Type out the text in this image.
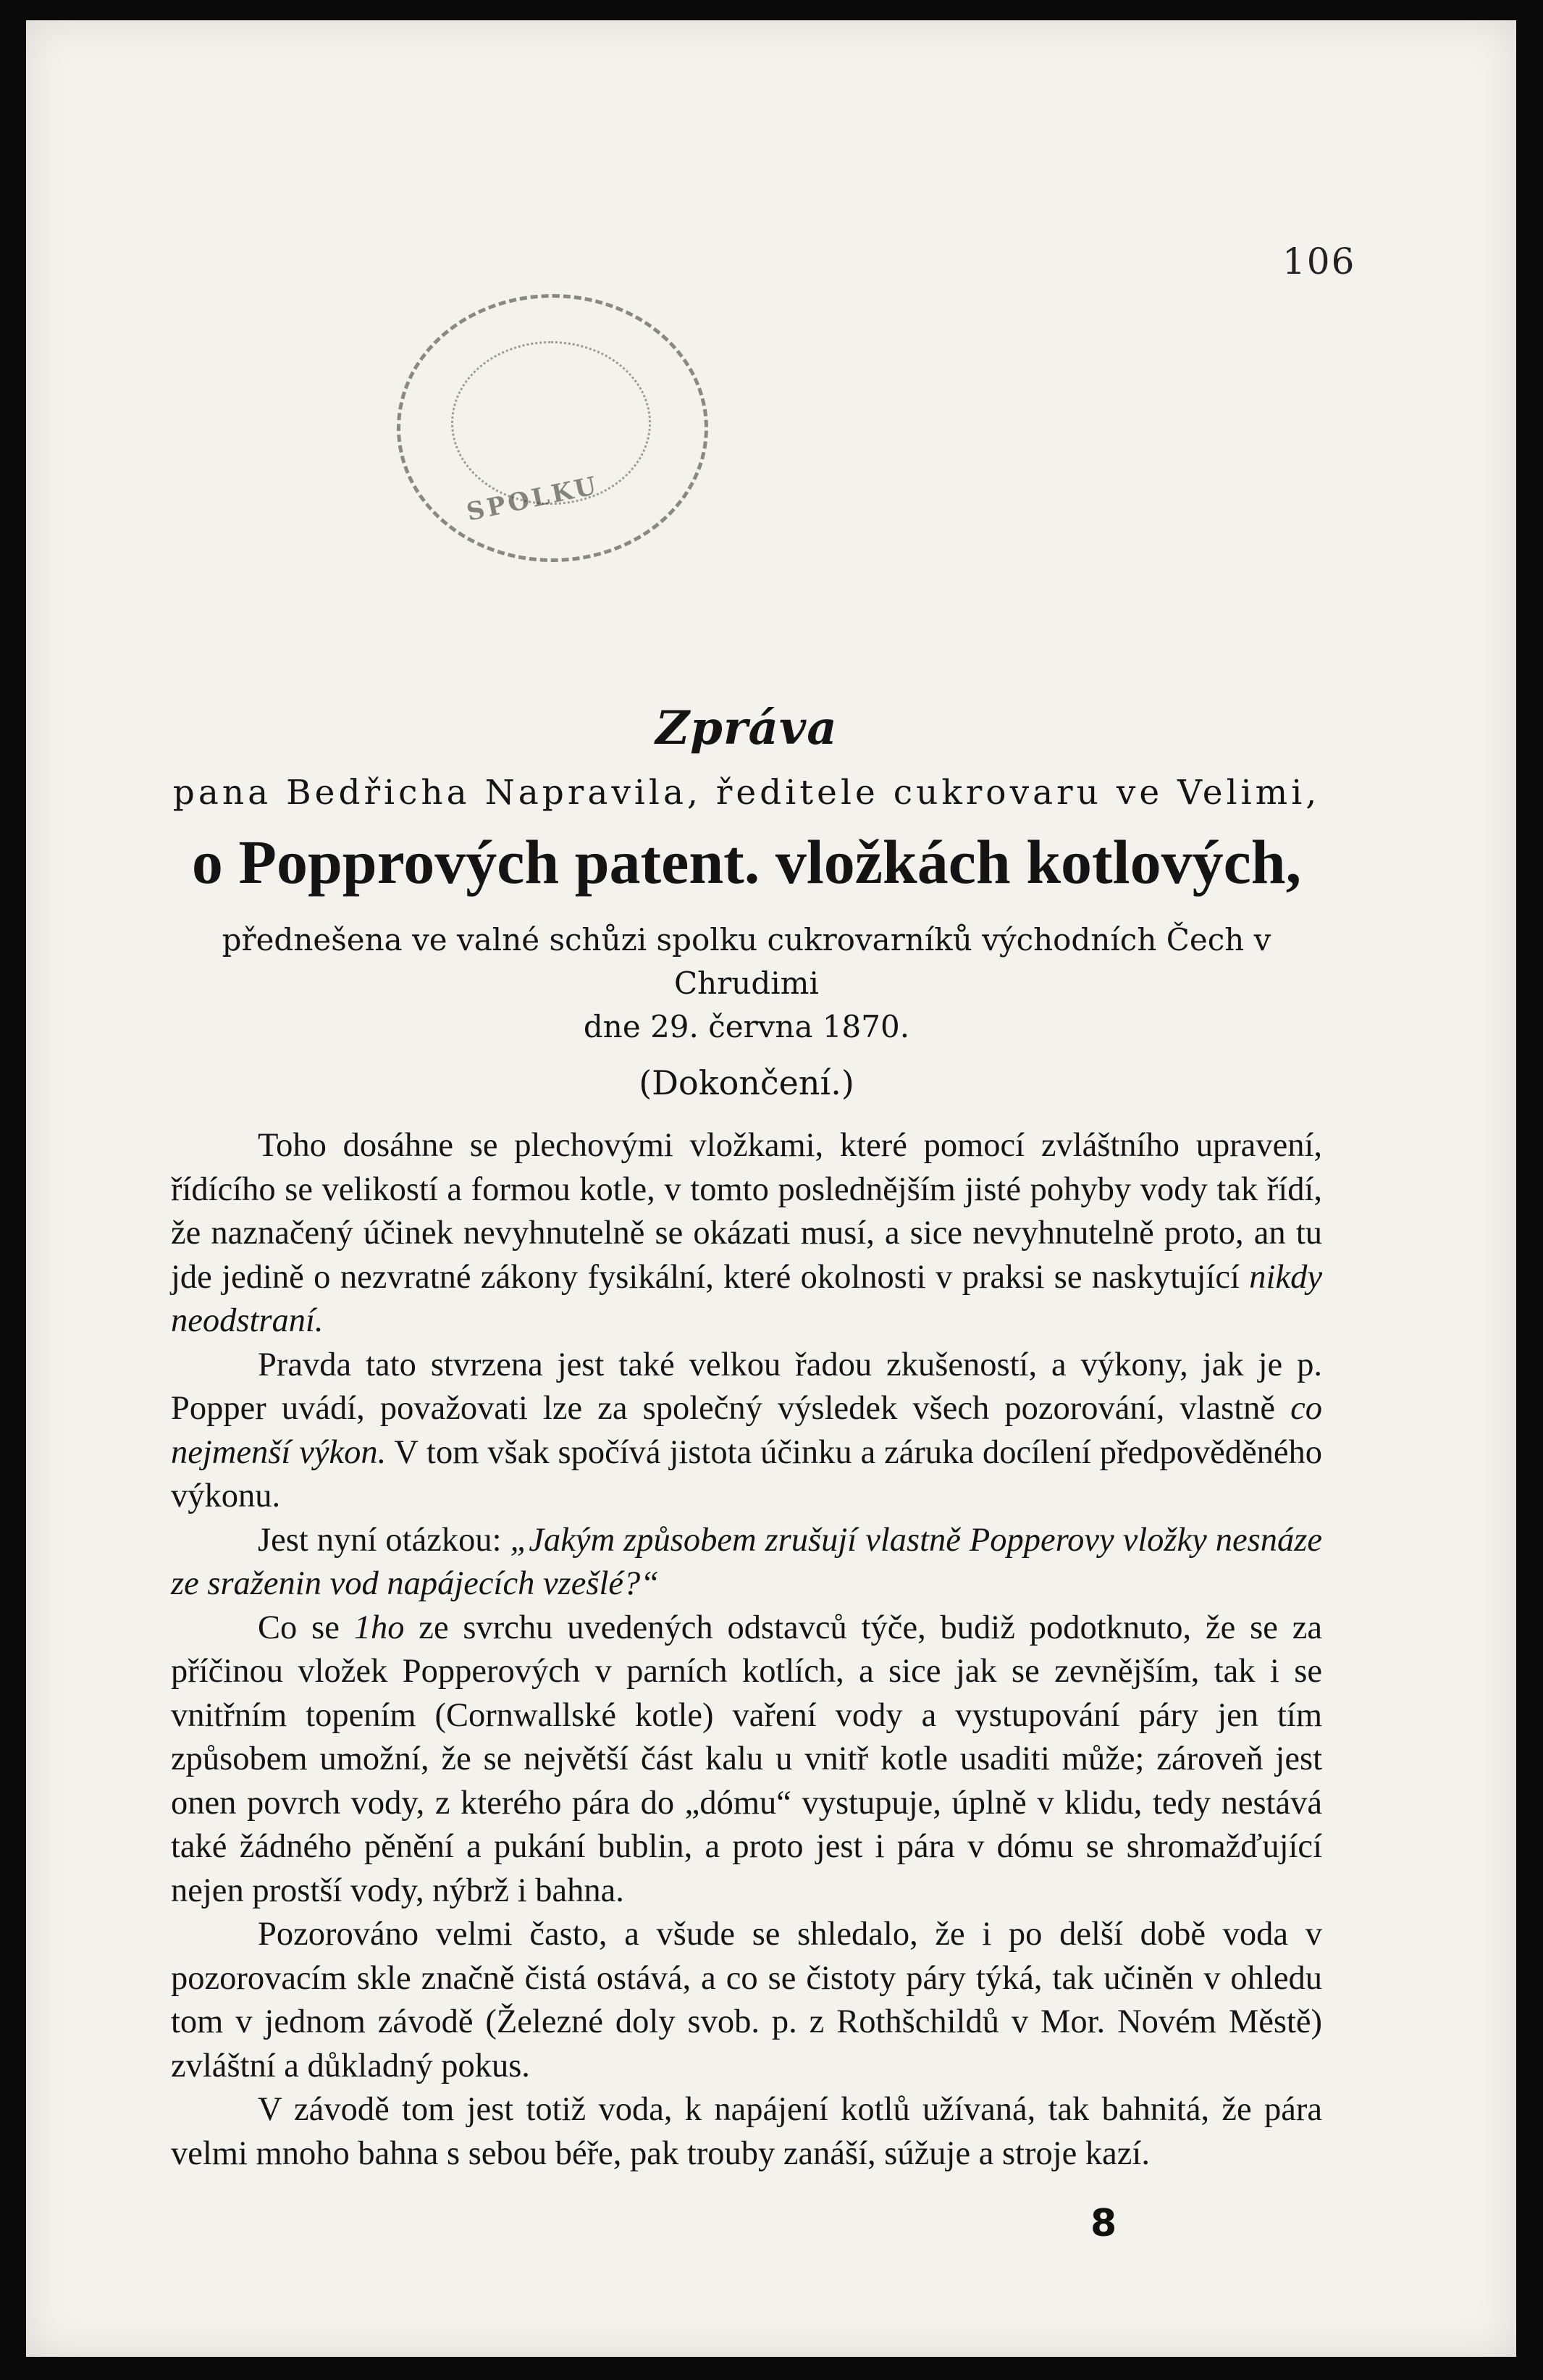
SPOLKU
106
Zpráva
pana Bedřicha Napravila, ředitele cukrovaru ve Velimi,
o Popprových patent. vložkách kotlových,

přednešena ve valné schůzi spolku cukrovarníků východních Čech v Chrudimi

dne 29. června 1870.

(Dokončení.)

Toho dosáhne se plechovými vložkami, které pomocí zvláštního upravení, řídícího se velikostí a formou kotle, v tomto poslednějším jisté pohyby vody tak řídí, že naznačený účinek nevyhnutelně se okázati musí, a sice nevyhnutelně proto, an tu jde jedině o nezvratné zákony fysikální, které okolnosti v praksi se naskytující nikdy neodstraní.

Pravda tato stvrzena jest také velkou řadou zkušeností, a výkony, jak je p. Popper uvádí, považovati lze za společný výsledek všech pozorování, vlastně co nejmenší výkon. V tom však spočívá jistota účinku a záruka docílení předpověděného výkonu.

Jest nyní otázkou: „Jakým způsobem zrušují vlastně Popperovy vložky nesnáze ze sraženin vod napájecích vzešlé?“

Co se 1ho ze svrchu uvedených odstavců týče, budiž podotknuto, že se za příčinou vložek Popperových v parních kotlích, a sice jak se zevnějším, tak i se vnitřním topením (Cornwallské kotle) vaření vody a vystupování páry jen tím způsobem umožní, že se největší část kalu u vnitř kotle usaditi může; zároveň jest onen povrch vody, z kterého pára do „dómu“ vystupuje, úplně v klidu, tedy nestává také žádného pěnění a pukání bublin, a proto jest i pára v dómu se shromažďující nejen prostší vody, nýbrž i bahna.

Pozorováno velmi často, a všude se shledalo, že i po delší době voda v pozorovacím skle značně čistá ostává, a co se čistoty páry týká, tak učiněn v ohledu tom v jednom závodě (Železné doly svob. p. z Rothšchildů v Mor. Novém Městě) zvláštní a důkladný pokus.

V závodě tom jest totiž voda, k napájení kotlů užívaná, tak bahnitá, že pára velmi mnoho bahna s sebou béře, pak trouby zanáší, súžuje a stroje kazí.

8
